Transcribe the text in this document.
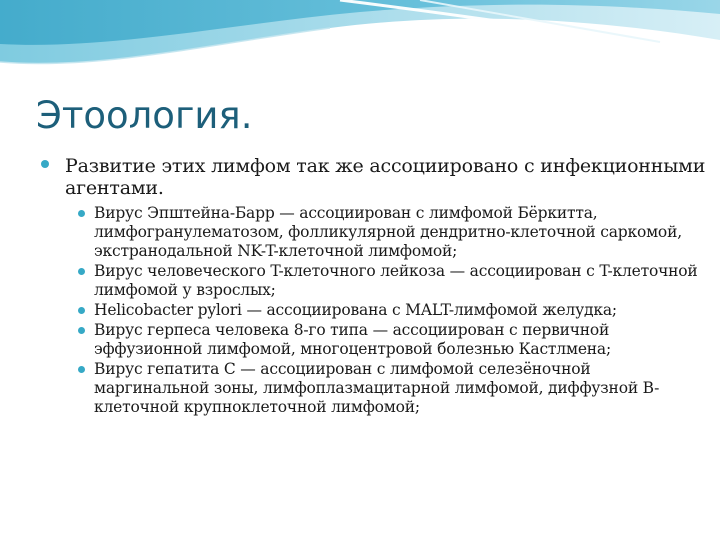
Этоология.
Развитие этих лимфом так же ассоциировано с инфекционными агентами.
Вирус Эпштейна-Барр — ассоциирован с лимфомой Бёркитта, лимфогранулематозом, фолликулярной дендритно-клеточной саркомой, экстранодальной NK-T-клеточной лимфомой;
Вирус человеческого T-клеточного лейкоза — ассоциирован с T-клеточной лимфомой у взрослых;
Helicobacter pylori — ассоциирована с MALT-лимфомой желудка;
Вирус герпеса человека 8-го типа — ассоциирован с первичной эффузионной лимфомой, многоцентровой болезнью Кастлмена;
Вирус гепатита C — ассоциирован с лимфомой селезёночной маргинальной зоны, лимфоплазмацитарной лимфомой, диффузной B-клеточной крупноклеточной лимфомой;
